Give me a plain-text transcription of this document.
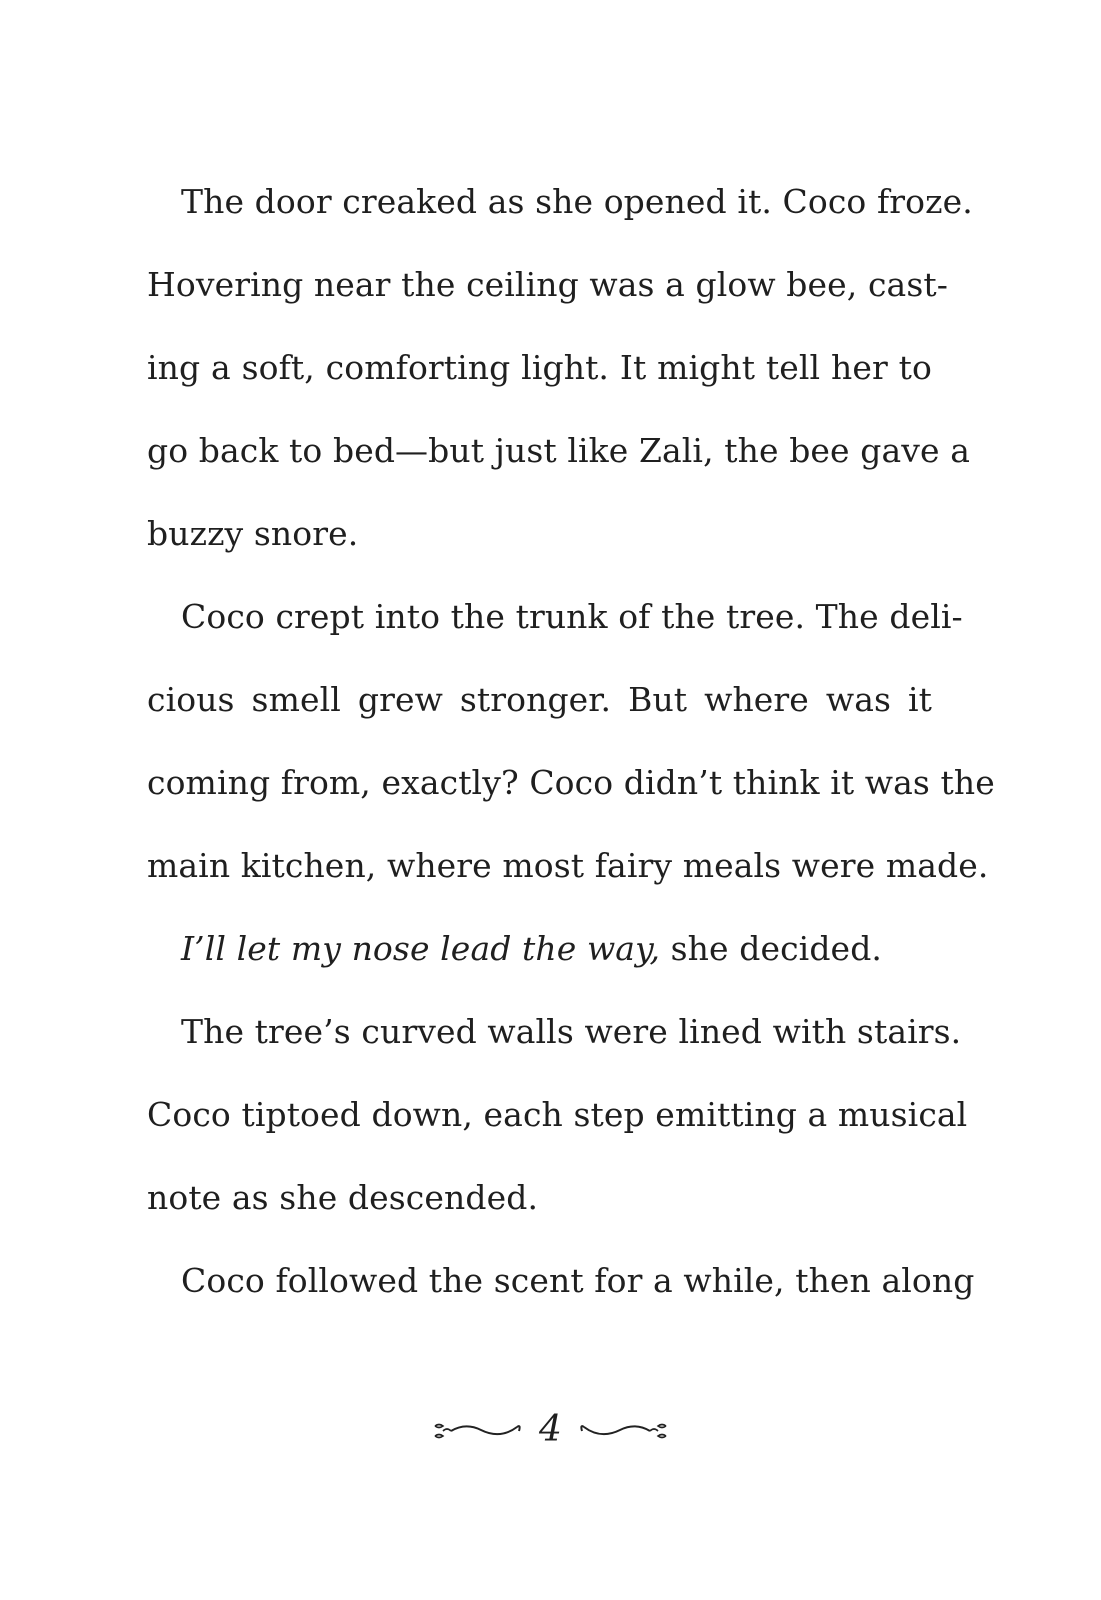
The door creaked as she opened it. Coco froze.
Hovering near the ceiling was a glow bee, cast-
ing a soft, comforting light. It might tell her to
go back to bed—but just like Zali, the bee gave a
buzzy snore.
Coco crept into the trunk of the tree. The deli-
cious smell grew stronger. But where was it
coming from, exactly? Coco didn’t think it was the
main kitchen, where most fairy meals were made.
I’ll let my nose lead the way, she decided.
The tree’s curved walls were lined with stairs.
Coco tiptoed down, each step emitting a musical
note as she descended.
Coco followed the scent for a while, then along
4
